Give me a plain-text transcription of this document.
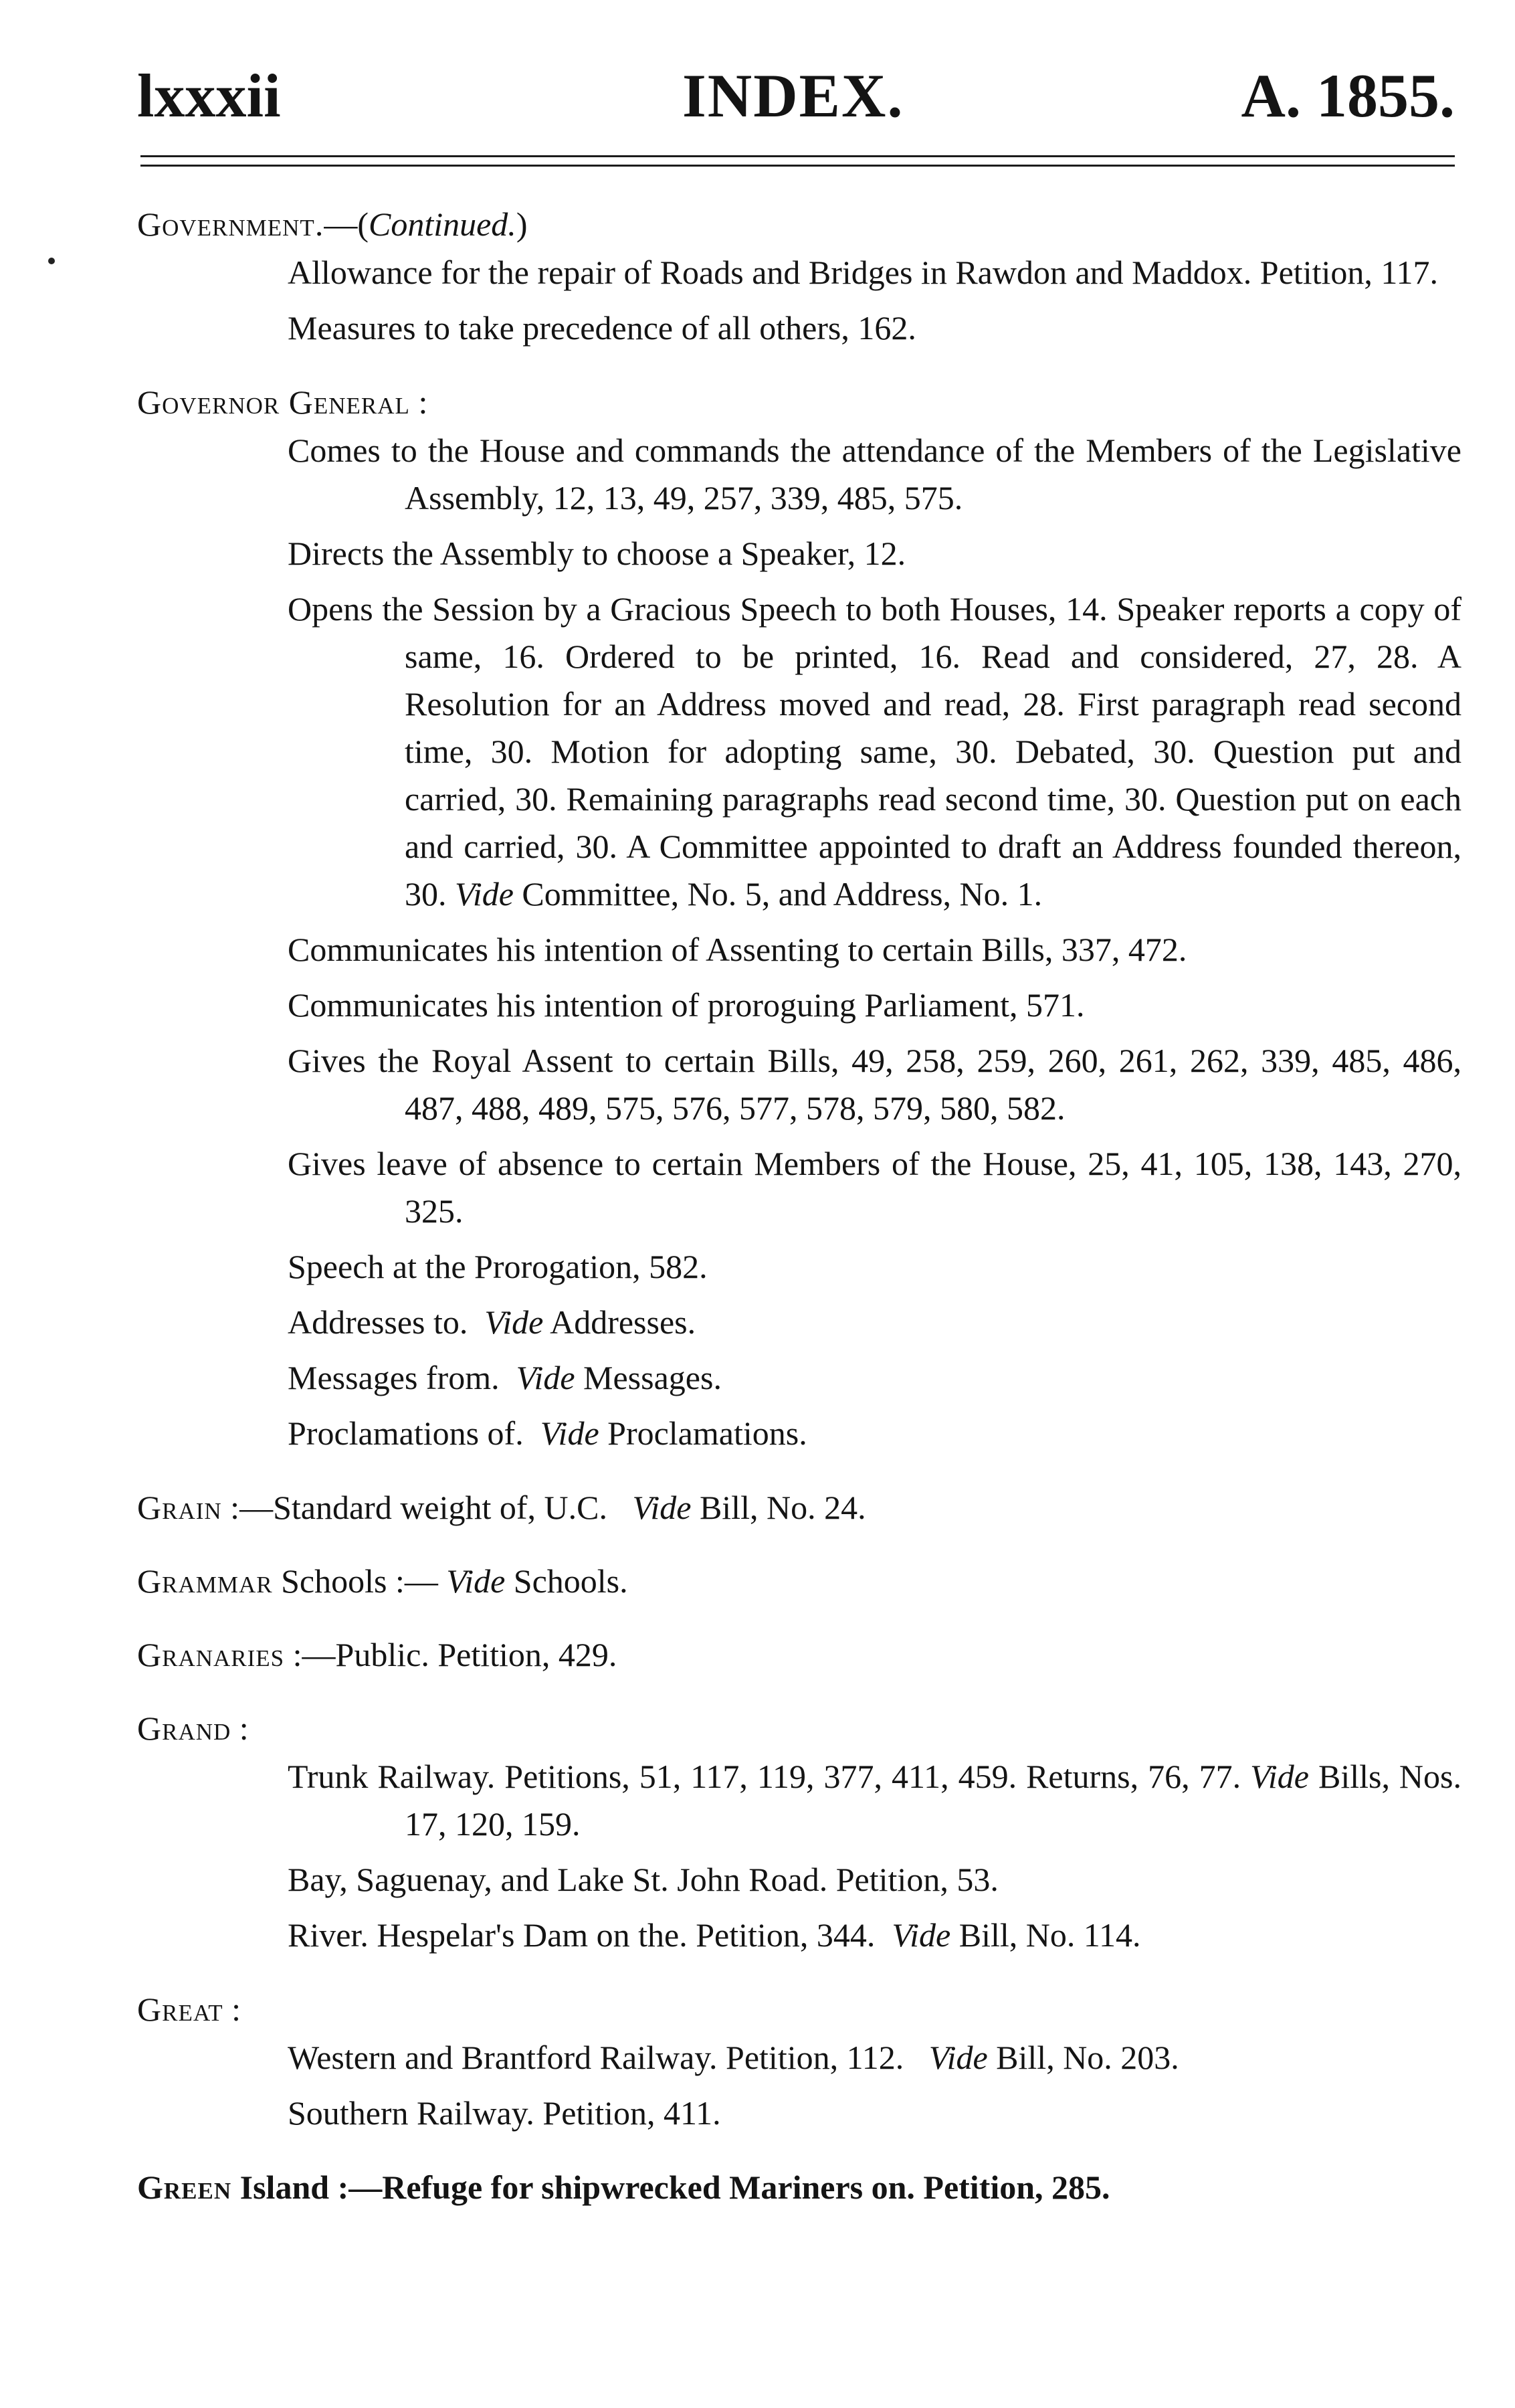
lxxxii	INDEX.	A. 1855.
Government.—(Continued.)
Allowance for the repair of Roads and Bridges in Rawdon and Maddox. Petition, 117.
Measures to take precedence of all others, 162.
Governor General :
Comes to the House and commands the attendance of the Members of the Legislative Assembly, 12, 13, 49, 257, 339, 485, 575.
Directs the Assembly to choose a Speaker, 12.
Opens the Session by a Gracious Speech to both Houses, 14. Speaker reports a copy of same, 16. Ordered to be printed, 16. Read and considered, 27, 28. A Resolution for an Address moved and read, 28. First paragraph read second time, 30. Motion for adopting same, 30. Debated, 30. Question put and carried, 30. Remaining paragraphs read second time, 30. Question put on each and carried, 30. A Committee appointed to draft an Address founded thereon, 30. Vide Committee, No. 5, and Address, No. 1.
Communicates his intention of Assenting to certain Bills, 337, 472.
Communicates his intention of proroguing Parliament, 571.
Gives the Royal Assent to certain Bills, 49, 258, 259, 260, 261, 262, 339, 485, 486, 487, 488, 489, 575, 576, 577, 578, 579, 580, 582.
Gives leave of absence to certain Members of the House, 25, 41, 105, 138, 143, 270, 325.
Speech at the Prorogation, 582.
Addresses to. Vide Addresses.
Messages from. Vide Messages.
Proclamations of. Vide Proclamations.
Grain :—Standard weight of, U.C. Vide Bill, No. 24.
Grammar Schools :— Vide Schools.
Granaries :—Public. Petition, 429.
Grand :
Trunk Railway. Petitions, 51, 117, 119, 377, 411, 459. Returns, 76, 77. Vide Bills, Nos. 17, 120, 159.
Bay, Saguenay, and Lake St. John Road. Petition, 53.
River. Hespelar's Dam on the. Petition, 344. Vide Bill, No. 114.
Great :
Western and Brantford Railway. Petition, 112. Vide Bill, No. 203.
Southern Railway. Petition, 411.
Green Island :—Refuge for shipwrecked Mariners on. Petition, 285.
